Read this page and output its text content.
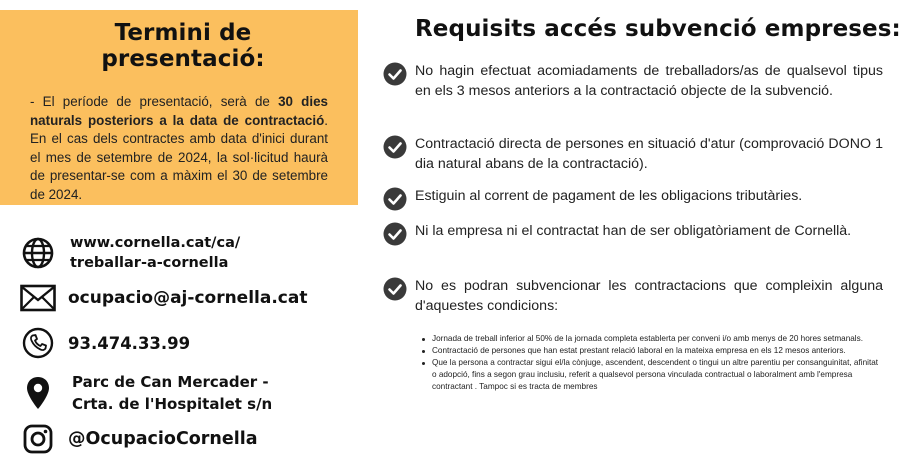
Termini de presentació:

- El període de presentació, serà de 30 dies naturals posteriors a la data de contractació. En el cas dels contractes amb data d'inici durant el mes de setembre de 2024, la sol·licitud haurà de presentar-se com a màxim el 30 de setembre de 2024.

www.cornella.cat/ca/
treballar-a-cornella
ocupacio@aj-cornella.cat
93.474.33.99
Parc de Can Mercader -
Crta. de l'Hospitalet s/n
@OcupacioCornella
Requisits accés subvenció empreses:

No hagin efectuat acomiadaments de treballadors/as de qualsevol tipus en els 3 mesos anteriors a la contractació objecte de la subvenció.

Contractació directa de persones en situació d'atur (comprovació DONO 1 dia natural abans de la contractació).

Estiguin al corrent de pagament de les obligacions tributàries.

Ni la empresa ni el contractat han de ser obligatòriament de Cornellà.

No es podran subvencionar les contractacions que compleixin alguna d'aquestes condicions:

Jornada de treball inferior al 50% de la jornada completa establerta per conveni i/o amb menys de 20 hores setmanals.
Contractació de persones que han estat prestant relació laboral en la mateixa empresa en els 12 mesos anteriors.
Que la persona a contractar sigui el/la cònjuge, ascendent, descendent o tingui un altre parentiu per consanguinitat, afinitat o adopció, fins a segon grau inclusiu, referit a qualsevol persona vinculada contractual o laboralment amb l'empresa contractant . Tampoc si es tracta de membres
